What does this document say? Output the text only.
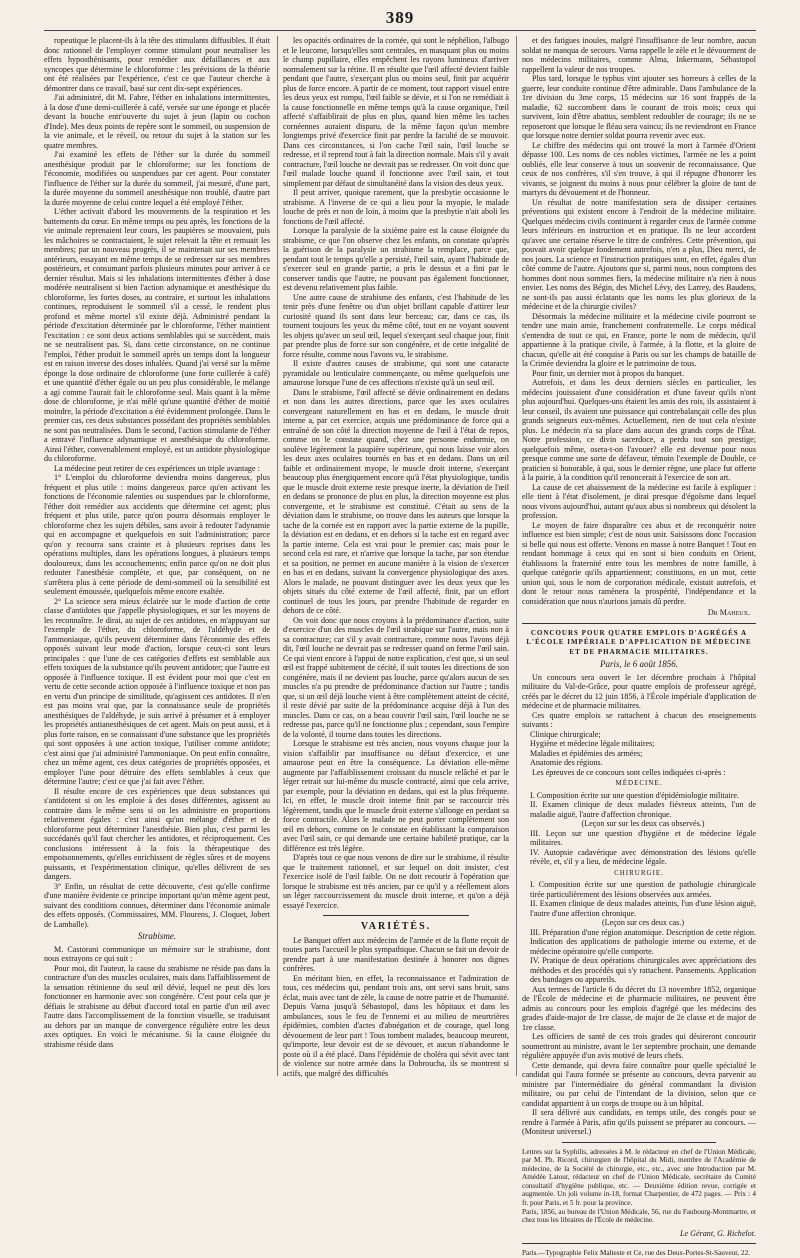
389

ropeutique le placent-ils à la tête des stimulants diffusibles. Il était donc rationnel de l'employer comme stimulant pour neutraliser les effets hyposthénisants, pour remédier aux défaillances et aux syncopes que détermine le chloroforme : les prévisions de la théorie ont été réalisées par l'expérience, c'est ce que l'auteur cherche à démontrer dans ce travail, basé sur cent dix-sept expériences.

J'ai administré, dit M. Fabre, l'éther en inhalations intermittentes, à la dose d'une demi-cuillerée à café, versée sur une éponge et placée devant la bouche entr'ouverte du sujet à jeun (lapin ou cochon d'Inde). Mes deux points de repère sont le sommeil, ou suspension de la vie animale, et le réveil, ou retour du sujet à la station sur les quatre membres.

J'ai examiné les effets de l'éther sur la durée du sommeil anesthésique produit par le chloroforme; sur les fonctions de l'économie, modifiées ou suspendues par cet agent. Pour constater l'influence de l'éther sur la durée du sommeil, j'ai mesuré, d'une part, la durée moyenne du sommeil anesthésique non troublé, d'autre part la durée moyenne de celui contre lequel a été employé l'éther.

L'éther activait d'abord les mouvements de la respiration et les battements du cœur. En même temps ou peu après, les fonctions de la vie animale reprenaient leur cours, les paupières se mouvaient, puis les mâchoires se contractaient, le sujet relevait la tête et remuait les membres; par un nouveau progrès, il se maintenait sur ses membres antérieurs, essayant en même temps de se redresser sur ses membres postérieurs, et consumant parfois plusieurs minutes pour arriver à ce dernier résultat. Mais si les inhalations intermittentes d'éther à dose modérée neutralisent si bien l'action adynamique et anesthésique du chloroforme, les fortes doses, au contraire, et surtout les inhalations continues, reproduisent le sommeil s'il a cessé, le rendent plus profond et même mortel s'il existe déjà. Administré pendant la période d'excitation déterminée par le chloroforme, l'éther maintient l'excitation : ce sont deux actions semblables qui se succèdent, mais ne se neutralisent pas. Si, dans cette circonstance, on ne continue l'emploi, l'éther produit le sommeil après un temps dont la longueur est en raison inverse des doses inhalées. Quand j'ai versé sur la même éponge la dose ordinaire de chloroforme (une forte cuillerée à café) et une quantité d'éther égale ou un peu plus considérable, le mélange a agi comme l'aurait fait le chloroforme seul. Mais quant à la même dose de chloroforme, je n'ai mêlé qu'une quantité d'éther de moitié moindre, la période d'excitation a été évidemment prolongée. Dans le premier cas, ces deux substances possédant des propriétés semblables ne sont pas neutralisées. Dans le second, l'action stimulante de l'éther a entravé l'influence adynamique et anesthésique du chloroforme. Ainsi l'éther, convenablement employé, est un antidote physiologique du chloroforme.

La médecine peut retirer de ces expériences un triple avantage :

1° L'emploi du chloroforme deviendra moins dangereux, plus fréquent et plus utile : moins dangereux parce qu'en activant les fonctions de l'économie ralenties ou suspendues par le chloroforme, l'éther doit remédier aux accidents que détermine cet agent; plus fréquent et plus utile, parce qu'on pourra désormais employer le chloroforme chez les sujets débiles, sans avoir à redouter l'adynamie qui en accompagne et quelquefois en suit l'administration; parce qu'on y recourra sans crainte et à plusieurs reprises dans les opérations multiples, dans les opérations longues, à plusieurs temps douloureux, dans les accouchements; enfin parce qu'on ne doit plus redouter l'anesthésie complète, et que, par conséquent, on ne s'arrêtera plus à cette période de demi-sommeil où la sensibilité est seulement émoussée, quelquefois même encore exaltée.

2° La science sera mieux éclairée sur le mode d'action de cette classe d'antidotes que j'appelle physiologiques, et sur les moyens de les reconnaître. Je dirai, au sujet de ces antidotes, en m'appuyant sur l'exemple de l'éther, du chloroforme, de l'aldéhyde et de l'ammoniaque, qu'ils peuvent déterminer dans l'économie des effets opposés suivant leur mode d'action, lorsque ceux-ci sont leurs principales : que l'une de ces catégories d'effets est semblable aux effets toxiques de la substance qu'ils peuvent antidoter; que l'autre est opposée à l'influence toxique. Il est évident pour moi que c'est en vertu de cette seconde action opposée à l'influence toxique et non pas en vertu d'un principe de similitude, qu'agissent ces antidotes. Il n'en est pas moins vrai que, par la connaissance seule de propriétés anesthésiques de l'aldéhyde, je suis arrivé à présumer et à employer les propriétés antianesthésiques de cet agent. Mais on peut aussi, et à plus forte raison, en se connaissant d'une substance que les propriétés qui sont opposées à une action toxique, l'utiliser comme antidote; c'est ainsi que j'ai administré l'ammoniaque. On peut enfin connaître, chez un même agent, ces deux catégories de propriétés opposées, et employer l'une pour détruire des effets semblables à ceux que détermine l'autre; c'est ce que j'ai fait avec l'éther.

Il résulte encore de ces expériences que deux substances qui s'antidotent si on les emploie à des doses différentes, agissent au contraire dans le même sens si on les administre en proportions relativement égales : c'est ainsi qu'un mélange d'éther et de chloroforme peut déterminer l'anesthésie. Bien plus, c'est parmi les succédanés qu'il faut chercher les antidotes, et réciproquement. Ces conclusions intéressent à la fois la thérapeutique des empoisonnements, qu'elles enrichissent de règles sûres et de moyens puissants, et l'expérimentation clinique, qu'elles délivrent de ses dangers.

3° Enfin, un résultat de cette découverte, c'est qu'elle confirme d'une manière évidente ce principe important qu'un même agent peut, suivant des conditions connues, déterminer dans l'économie animale des effets opposés. (Commissaires, MM. Flourens, J. Cloquet, Jobert de Lamballe).

Strabisme.

M. Castorani communique un mémoire sur le strabisme, dont nous extrayons ce qui suit :

Pour moi, dit l'auteur, la cause du strabisme ne réside pas dans la contracture d'un des muscles oculaires, mais dans l'affaiblissement de la sensation rétinienne du seul œil dévié, lequel ne peut dès lors fonctionner en harmonie avec son congénère. C'est pour cela que je défiais le strabisme au début d'accord total en partie d'un œil avec l'autre dans l'accomplissement de la fonction visuelle, se traduisant au dehors par un manque de convergence régulière entre les deux axes optiques. En voici le mécanisme. Si la cause éloignée du strabisme réside dans

les opacités ordinaires de la cornée, qui sont le néphélion, l'albugo et le leucome, lorsqu'elles sont centrales, en masquant plus ou moins le champ pupillaire, elles empêchent les rayons lumineux d'arriver normalement sur la rétine. Il en résulte que l'œil affecté devient faible pendant que l'autre, s'exerçant plus ou moins seul, finit par acquérir plus de force encore. A partir de ce moment, tout rapport visuel entre les deux yeux est rompu, l'œil faible se dévie, et si l'on ne remédiait à la cause fonctionnelle en même temps qu'à la cause organique, l'œil affecté s'affaiblirait de plus en plus, quand bien même les taches cornéennes auraient disparu, de la même façon qu'un membre longtemps privé d'exercice finit par perdre la faculté de se mouvoir. Dans ces circonstances, si l'on cache l'œil sain, l'œil louche se redresse, et il reprend tout à fait la direction normale. Mais s'il y avait contracture, l'œil louche ne devrait pas se redresser. On voit donc que l'œil malade louche quand il fonctionne avec l'œil sain, et tout simplement par défaut de simultanéité dans la vision des deux yeux.

Il peut arriver, quoique rarement, que la presbytie occasionne le strabisme. A l'inverse de ce qui a lieu pour la myopie, le malade louche de près et non de loin, à moins que la presbytie n'ait aboli les fonctions de l'œil affecté.

Lorsque la paralysie de la sixième paire est la cause éloignée du strabisme, ce que l'on observe chez les enfants, on constate qu'après la guérison de la paralysie un strabisme la remplace, parce que, pendant tout le temps qu'elle a persisté, l'œil sain, ayant l'habitude de s'exercer seul en grande partie, a pris le dessus et a fini par le conserver tandis que l'autre, ne pouvant pas également fonctionner, est devenu relativement plus faible.

Une autre cause de strabisme des enfants, c'est l'habitude de les tenir près d'une fenêtre ou d'un objet brillant capable d'attirer leur curiosité quand ils sont dans leur berceau; car, dans ce cas, ils tournent toujours les yeux du même côté, tout en ne voyant souvent les objets qu'avec un seul œil, lequel s'exerçant seul chaque jour, finit par prendre plus de force sur son congénère, et de cette inégalité de force résulte, comme nous l'avons vu, le strabisme.

Il existe d'autres causes de strabisme, qui sont une cataracte pyramidale ou lenticulaire commençante, ou même quelquefois une amaurose lorsque l'une de ces affections n'existe qu'à un seul œil.

Dans le strabisme, l'œil affecté se dévie ordinairement en dedans et non dans les autres directions, parce que les axes oculaires convergeant naturellement en bas et en dedans, le muscle droit interne a, par cet exercice, acquis une prédominance de force qui a entraîné de son côté la direction moyenne de l'œil à l'état de repos, comme on le constate quand, chez une personne endormie, on soulève légèrement la paupière supérieure, qui nous laisse voir alors les deux axes oculaires tournés en bas et en dedans. Dans un œil faible et ordinairement myope, le muscle droit interne, s'exerçant beaucoup plus énergiquement encore qu'à l'état physiologique, tandis que le muscle droit externe reste presque inerte, la déviation de l'œil en dedans se prononce de plus en plus, la direction moyenne est plus convergente, et le strabisme est constitué. C'était au sens de la déviation dans le strabisme, on trouve dans les auteurs que lorsque la tache de la cornée est en rapport avec la partie externe de la pupille, la déviation est en dedans, et en dehors si la tache est en regard avec la partie interne. Cela est vrai pour le premier cas; mais pour le second cela est rare, et n'arrive que lorsque la tache, par son étendue et sa position, ne permet en aucune manière à la vision de s'exercer en bas et en dedans, suivant la convergence physiologique des axes. Alors le malade, ne pouvant distinguer avec les deux yeux que les objets situés du côté externe de l'œil affecté, finit, par un effort continuel de tous les jours, par prendre l'habitude de regarder en dehors de ce côté.

On voit donc que nous croyons à la prédominance d'action, suite d'exercice d'un des muscles de l'œil strabique sur l'autre, mais non à sa contracture; car s'il y avait contracture, comme nous l'avons déjà dit, l'œil louche ne devrait pas se redresser quand on ferme l'œil sain. Ce qui vient encore à l'appui de notre explication, c'est que, si un seul œil est frappé subitement de cécité, il suit toutes les directions de son congénère, mais il ne devient pas louche, parce qu'alors aucun de ses muscles n'a pu prendre de prédominance d'action sur l'autre ; tandis que, si un œil déjà louche vient à être complètement atteint de cécité, il reste dévié par suite de la prédominance acquise déjà à l'un des muscles. Dans ce cas, on a beau couvrir l'œil sain, l'œil louche ne se redresse pas, parce qu'il ne fonctionne plus ; cependant, sous l'empire de la volonté, il tourne dans toutes les directions.

Lorsque le strabisme est très ancien, nous voyons chaque jour la vision s'affaiblir par insuffisance ou défaut d'exercice, et une amaurose peut en être la conséquence. La déviation elle-même augmente par l'affaiblissement croissant du muscle relâché et par le léger retrait sur lui-même du muscle contracté, ainsi que cela arrive, par exemple, pour la déviation en dedans, qui est la plus fréquente. Ici, en effet, le muscle droit interne finit par se raccourcir très légèrement, tandis que le muscle droit externe s'allonge en perdant sa force contractile. Alors le malade ne peut porter complètement son œil en dehors, comme on le constate en établissant la comparaison avec l'œil sain, ce qui demande une certaine habileté pratique, car la différence est très légère.

D'après tout ce que nous venons de dire sur le strabisme, il résulte que le traitement rationnel, et sur lequel on doit insister, c'est l'exercice isolé de l'œil faible. On ne doit recourir à l'opération que lorsque le strabisme est très ancien, par ce qu'il y a réellement alors un léger raccourcissement du muscle droit interne, et qu'on a déjà essayé l'exercice.

VARIÉTÉS.

Le Banquet offert aux médecins de l'armée et de la flotte reçoit de toutes parts l'accueil le plus sympathique. Chacun se fait un devoir de prendre part à une manifestation destinée à honorer nos dignes confrères.

En méritant bien, en effet, la reconnaissance et l'admiration de tous, ces médecins qui, pendant trois ans, ont servi sans bruit, sans éclat, mais avec tant de zèle, la cause de notre patrie et de l'humanité. Depuis Varna jusqu'à Sébastopol, dans les hôpitaux et dans les ambulances, sous le feu de l'ennemi et au milieu de meurtrières épidémies, combien d'actes d'abnégation et de courage, quel long dévouement de leur part ! Tous tombent malades, beaucoup meurent, qu'importe, leur devoir est de se dévouer, et aucun n'abandonne le poste où il a été placé. Dans l'épidémie de choléra qui sévit avec tant de violence sur notre armée dans la Dobroucha, ils se montrent si actifs, que malgré des difficultés

et des fatigues inouïes, malgré l'insuffisance de leur nombre, aucun soldat ne manqua de secours. Varna rappelle le zèle et le dévouement de nos médecins militaires, comme Alma, Inkermann, Sébastopol rappellent la valeur de nos troupes.

Plus tard, lorsque le typhus vint ajouter ses horreurs à celles de la guerre, leur conduite continue d'être admirable. Dans l'ambulance de la 1re division du 3me corps, 15 médecins sur 16 sont frappés de la maladie, 62 succombent dans le courant de trois mois; ceux qui survivent, loin d'être abattus, semblent redoubler de courage; ils ne se reposeront que lorsque le fléau sera vaincu; ils ne reviendront en France que lorsque notre dernier soldat pourra revenir avec eux.

Le chiffre des médecins qui ont trouvé la mort à l'armée d'Orient dépasse 100. Les noms de ces nobles victimes, l'armée ne les a point oubliés, elle leur conserve à tous un souvenir de reconnaissance. Que ceux de nos confrères, s'il s'en trouve, à qui il répugne d'honorer les vivants, se joignent du moins à nous pour célébrer la gloire de tant de martyrs du dévouement et de l'honneur.

Un résultat de notre manifestation sera de dissiper certaines préventions qui existent encore à l'endroit de la médecine militaire. Quelques médecins civils continuent à regarder ceux de l'armée comme leurs inférieurs en instruction et en pratique. Ils ne leur accordent qu'avec une certaine réserve le titre de confrères. Cette prévention, qui pouvait avoir quelque fondement autrefois, n'en a plus, Dieu merci, de nos jours. La science et l'instruction pratiques sont, en effet, égales d'un côté comme de l'autre. Ajoutons que si, parmi nous, nous comptons des hommes dont nous sommes fiers, la médecine militaire n'a rien à nous envier. Les noms des Bégin, des Michel Lévy, des Larrey, des Baudens, ne sont-ils pas aussi éclatants que les noms les plus glorieux de la médecine et de la chirurgie civiles?

Désormais la médecine militaire et la médecine civile pourront se tendre une main amie, franchement confraternelle. Le corps médical s'entendra de tout ce qui, en France, porte le nom de médecin, qu'il appartienne à la pratique civile, à l'armée, à la flotte, et la gloire de chacun, qu'elle ait été conquise à Paris ou sur les champs de bataille de la Crimée deviendra la gloire et le patrimoine de tous.

Pour finir, un dernier mot à propos du banquet.

Autrefois, et dans les deux derniers siècles en particulier, les médecins jouissaient d'une considération et d'une faveur qu'ils n'ont plus aujourd'hui. Quelques-uns étaient les amis des rois, ils assistaient à leur conseil, ils avaient une puissance qui contrebalançait celle des plus grands seigneurs eux-mêmes. Actuellement, rien de tout cela n'existe plus. Le médecin n'a sa place dans aucun des grands corps de l'État. Notre profession, ce divin sacerdoce, a perdu tout son prestige; quelquefois même, osera-t-on l'avouer? elle est devenue pour nous presque comme une sorte de défaveur, témoin l'exemple de Double, ce praticien si honorable, à qui, sous le dernier règne, une place fut offerte à la pairie, à la condition qu'il renoncerait à l'exercice de son art.

La cause de cet abaissement de la médecine est facile à expliquer : elle tient à l'état d'isolement, je dirai presque d'égoïsme dans lequel nous vivons aujourd'hui, autant qu'aux abus si nombreux qui désolent la profession.

Le moyen de faire disparaître ces abus et de reconquérir notre influence est bien simple; c'est de nous unir. Saisissons donc l'occasion si belle qui nous est offerte. Venons en masse à notre Banquet ! Tout en rendant hommage à ceux qui en sont si bien conduits en Orient, établissons la fraternité entre tous les membres de notre famille, à quelque catégorie qu'ils appartiennent; constituons, en un mot, cette union qui, sous le nom de corporation médicale, existait autrefois, et dont le retour nous ramènera la prospérité, l'indépendance et la considération que nous n'aurions jamais dû perdre.

Dr Maheux.
CONCOURS POUR QUATRE EMPLOIS D'AGRÉGÉS A L'ÉCOLE IMPÉRIALE D'APPLICATION DE MÉDECINE ET DE PHARMACIE MILITAIRES.
Paris, le 6 août 1856.

Un concours sera ouvert le 1er décembre prochain à l'hôpital militaire du Val-de-Grâce, pour quatre emplois de professeur agrégé, créés par le décret du 12 juin 1856, à l'École impériale d'application de médecine et de pharmacie militaires.

Ces quatre emplois se rattachent à chacun des enseignements suivants :

Clinique chirurgicale;

Hygiène et médecine légale militaires;

Maladies et épidémies des armées;

Anatomie des régions.

Les épreuves de ce concours sont celles indiquées ci-après :

MÉDECINE.

I. Composition écrite sur une question d'épidémiologie militaire.

II. Examen clinique de deux malades fiévreux atteints, l'un de maladie aiguë, l'autre d'affection chronique.

(Leçon sur sur les deux cas observés.)

III. Leçon sur une question d'hygiène et de médecine légale militaires.

IV. Autopsie cadavérique avec démonstration des lésions qu'elle révèle, et, s'il y a lieu, de médecine légale.

CHIRURGIE.

I. Composition écrite sur une question de pathologie chirurgicale tirée particulièrement des lésions observées aux armées.

II. Examen clinique de deux malades atteints, l'un d'une lésion aiguë, l'autre d'une affection chronique.

(Leçon sur ces deux cas.)

III. Préparation d'une région anatomique. Description de cette région. Indication des applications de pathologie interne ou externe, et de médecine opératoire qu'elle comporte.

IV. Pratique de deux opérations chirurgicales avec appréciations des méthodes et des procédés qui s'y rattachent. Pansements. Application des bandages ou appareils.

Aux termes de l'article 6 du décret du 13 novembre 1852, organique de l'École de médecine et de pharmacie militaires, ne peuvent être admis au concours pour les emplois d'agrégé que les médecins des grades d'aide-major de 1re classe, de major de 2e classe et de major de 1re classe.

Les officiers de santé de ces trois grades qui désireront concourir soumettront au ministre, avant le 1er septembre prochain, une demande régulière appuyée d'un avis motivé de leurs chefs.

Cette demande, qui devra faire connaître pour quelle spécialité le candidat qui l'aura formée se présente au concours, devra parvenir au ministre par l'intermédiaire du général commandant la division militaire, ou par celui de l'intendant de la division, selon que ce candidat appartient à un corps de troupe ou à un hôpital.

Il sera délivré aux candidats, en temps utile, des congés pour se rendre à l'armée à Paris, afin qu'ils puissent se préparer au concours. — (Moniteur universel.)

Lettres sur la Syphilis, adressées à M. le rédacteur en chef de l'Union Médicale, par M. Ph. Ricord, chirurgien de l'hôpital du Midi, membre de l'Académie de médecine, de la Société de chirurgie, etc., etc., avec une Introduction par M. Amédée Latour, rédacteur en chef de l'Union Médicale, secrétaire du Comité consultatif d'hygiène publique, etc. — Deuxième édition revue, corrigée et augmentée. Un joli volume in-18, format Charpentier, de 472 pages. — Prix : 4 fr. pour Paris, et 5 fr. pour la province.

Paris, 1856, au bureau de l'Union Médicale, 56, rue du Faubourg-Montmartre, et chez tous les libraires de l'École de médecine.

Le Gérant, G. Richelot.

Paris.—Typographie Felix Malteste et Ce, rue des Deux-Portes-St-Sauveur, 22.
